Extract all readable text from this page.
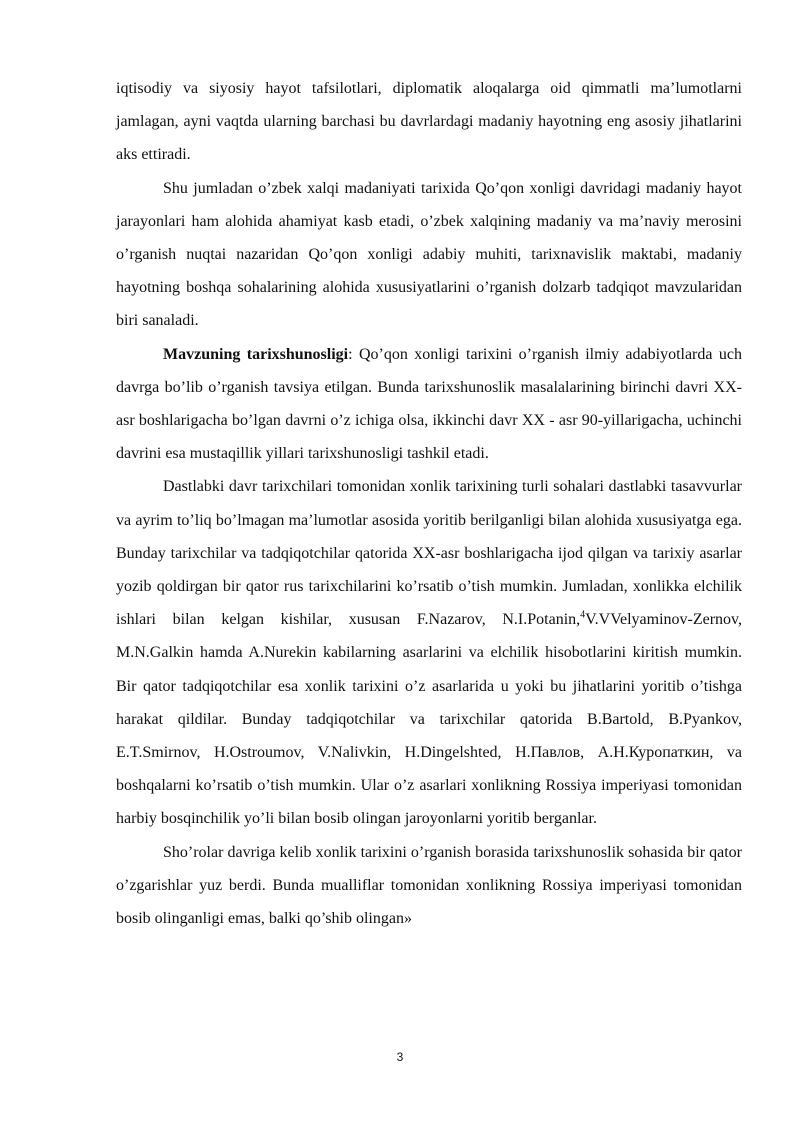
iqtisodiy va siyosiy hayot tafsilotlari, diplomatik aloqalarga oid qimmatli ma’lumotlarni jamlagan, ayni vaqtda ularning barchasi bu davrlardagi madaniy hayotning eng asosiy jihatlarini aks ettiradi.

Shu jumladan o’zbek xalqi madaniyati tarixida Qo’qon xonligi davridagi madaniy hayot jarayonlari ham alohida ahamiyat kasb etadi, o’zbek xalqining madaniy va ma’naviy merosini o’rganish nuqtai nazaridan Qo’qon xonligi adabiy muhiti, tarixnavislik maktabi, madaniy hayotning boshqa sohalarining alohida xususiyatlarini o’rganish dolzarb tadqiqot mavzularidan biri sanaladi.

Mavzuning tarixshunosligi: Qo’qon xonligi tarixini o’rganish ilmiy adabiyotlarda uch davrga bo’lib o’rganish tavsiya etilgan. Bunda tarixshunoslik masalalarining birinchi davri XX-asr boshlarigacha bo’lgan davrni o’z ichiga olsa, ikkinchi davr XX - asr 90-yillarigacha, uchinchi davrini esa mustaqillik yillari tarixshunosligi tashkil etadi.

Dastlabki davr tarixchilari tomonidan xonlik tarixining turli sohalari dastlabki tasavvurlar va ayrim to’liq bo’lmagan ma’lumotlar asosida yoritib berilganligi bilan alohida xususiyatga ega. Bunday tarixchilar va tadqiqotchilar qatorida XX-asr boshlarigacha ijod qilgan va tarixiy asarlar yozib qoldirgan bir qator rus tarixchilarini ko’rsatib o’tish mumkin. Jumladan, xonlikka elchilik ishlari bilan kelgan kishilar, xususan F.Nazarov, N.I.Potanin,$^4$V.VVelyaminov-Zernov, M.N.Galkin hamda A.Nurekin kabilarning asarlarini va elchilik hisobotlarini kiritish mumkin. Bir qator tadqiqotchilar esa xonlik tarixini o’z asarlarida u yoki bu jihatlarini yoritib o’tishga harakat qildilar. Bunday tadqiqotchilar va tarixchilar qatorida B.Bartold, B.Pyankov, E.T.Smirnov, H.Ostroumov, V.Nalivkin, H.Dingelshted, Н.Павлов, А.Н.Куропаткин, va boshqalarni ko’rsatib o’tish mumkin. Ular o’z asarlari xonlikning Rossiya imperiyasi tomonidan harbiy bosqinchilik yo’li bilan bosib olingan jaroyonlarni yoritib berganlar.

Sho’rolar davriga kelib xonlik tarixini o’rganish borasida tarixshunoslik sohasida bir qator o’zgarishlar yuz berdi. Bunda mualliflar tomonidan xonlikning Rossiya imperiyasi tomonidan bosib olinganligi emas, balki qo’shib olingan»

3
